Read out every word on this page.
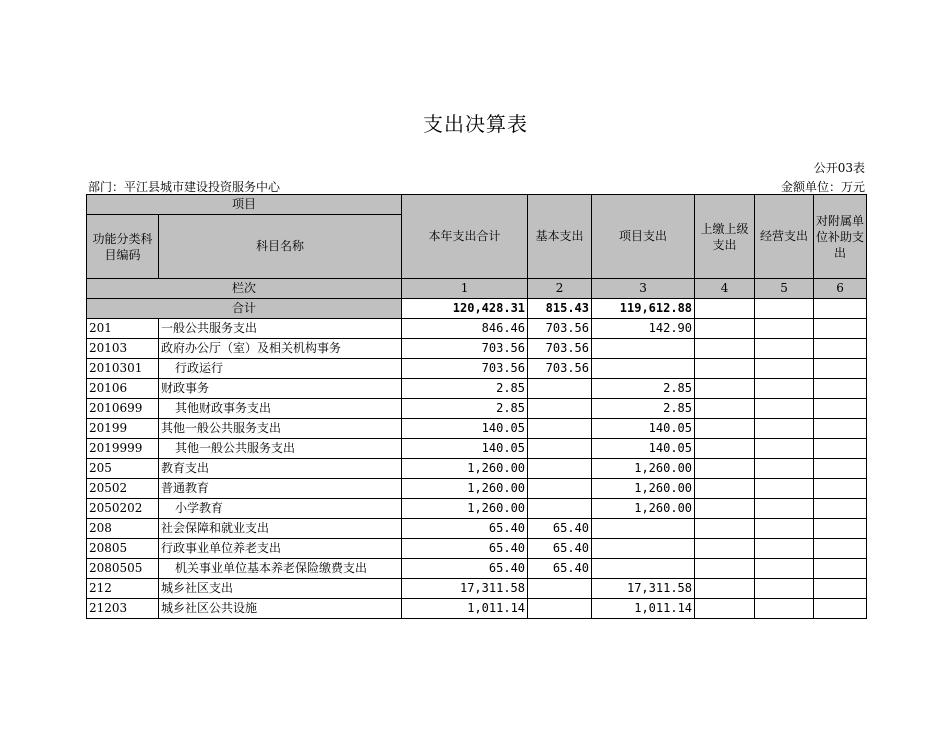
支出决算表
公开03表
部门：平江县城市建设投资服务中心	金额单位：万元
项目		本年支出合计	基本支出	项目支出	上缴上级支出	经营支出	对附属单位补助支出
功能分类科目编码	科目名称						
栏次		1	2	3	4	5	6
合计		120,428.31	815.43	119,612.88			
201	一般公共服务支出	846.46	703.56	142.90			
20103	政府办公厅（室）及相关机构事务	703.56	703.56				
2010301	行政运行	703.56	703.56				
20106	财政事务	2.85		2.85			
2010699	其他财政事务支出	2.85		2.85			
20199	其他一般公共服务支出	140.05		140.05			
2019999	其他一般公共服务支出	140.05		140.05			
205	教育支出	1,260.00		1,260.00			
20502	普通教育	1,260.00		1,260.00			
2050202	小学教育	1,260.00		1,260.00			
208	社会保障和就业支出	65.40	65.40				
20805	行政事业单位养老支出	65.40	65.40				
2080505	机关事业单位基本养老保险缴费支出	65.40	65.40				
212	城乡社区支出	17,311.58		17,311.58			
21203	城乡社区公共设施	1,011.14		1,011.14			
